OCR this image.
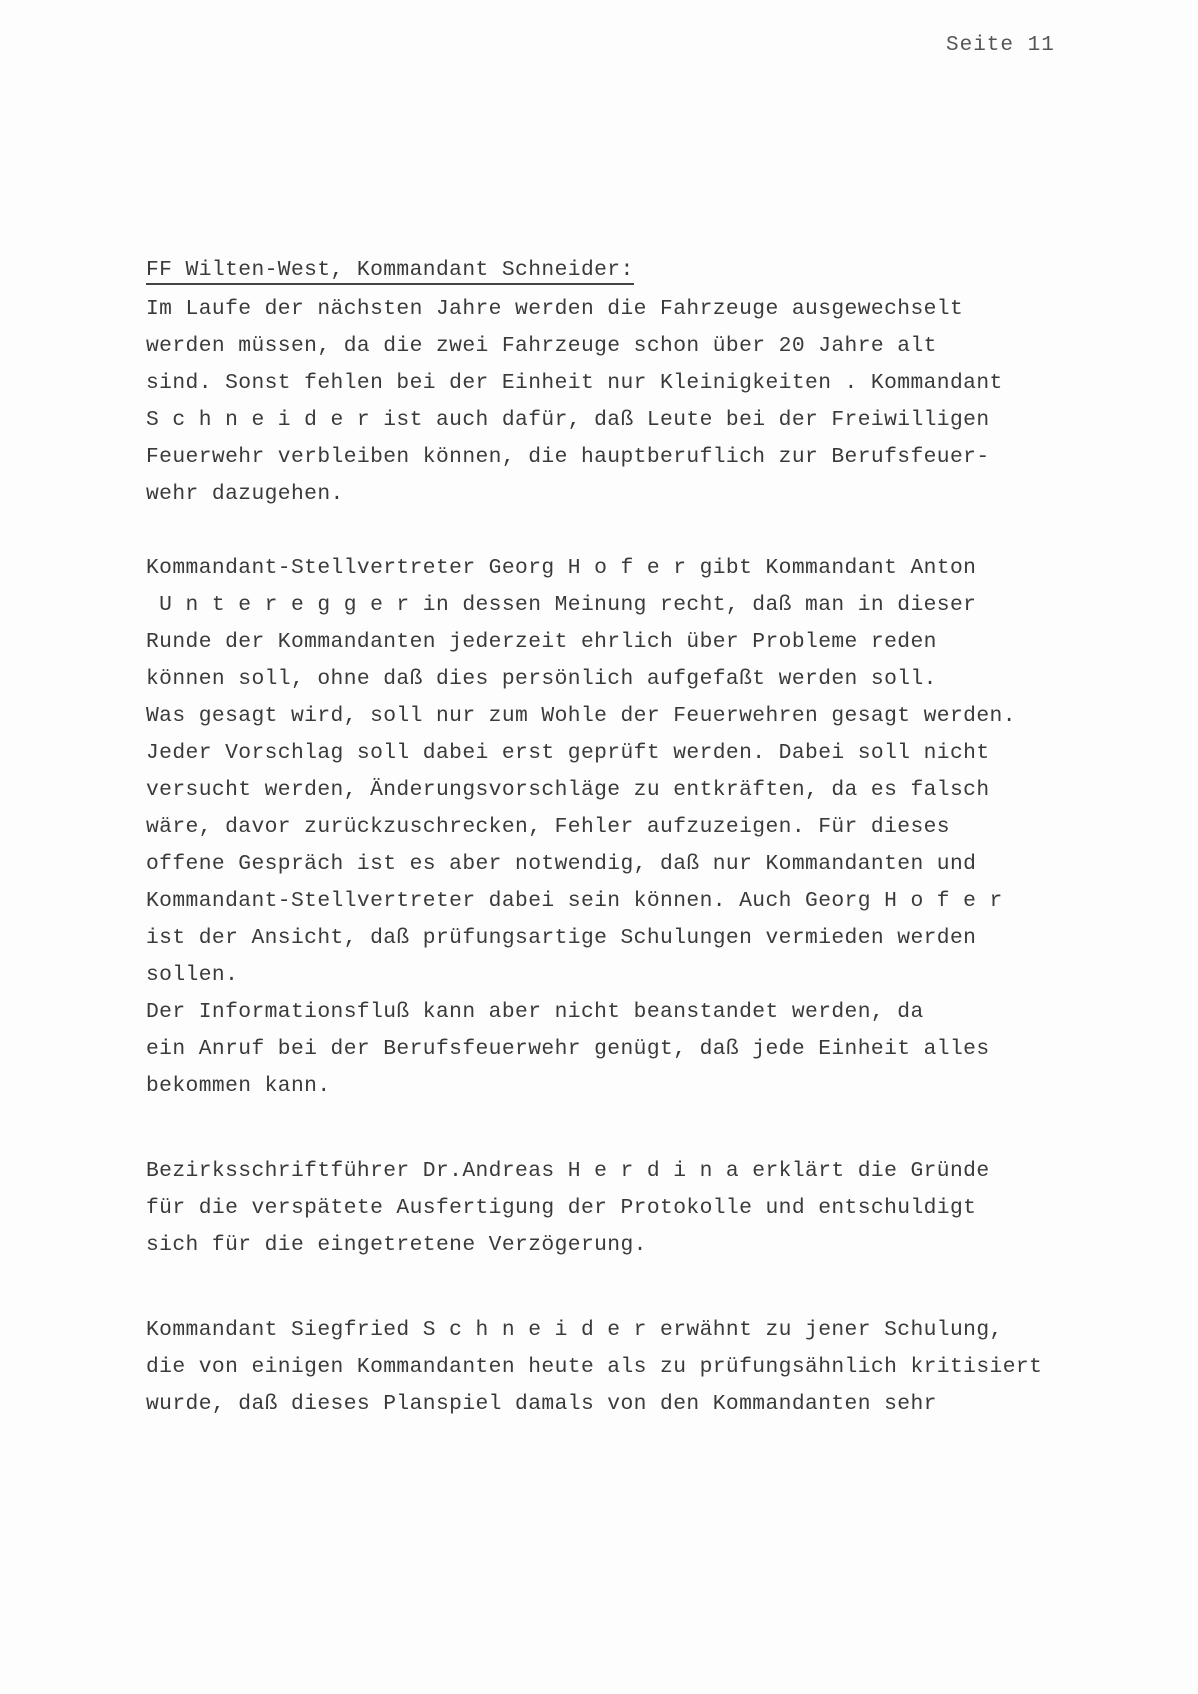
Seite 11
FF Wilten-West, Kommandant Schneider:
Im Laufe der nächsten Jahre werden die Fahrzeuge ausgewechselt
werden müssen, da die zwei Fahrzeuge schon über 20 Jahre alt
sind. Sonst fehlen bei der Einheit nur Kleinigkeiten . Kommandant
S c h n e i d e r ist auch dafür, daß Leute bei der Freiwilligen
Feuerwehr verbleiben können, die hauptberuflich zur Berufsfeuer-
wehr dazugehen.
Kommandant-Stellvertreter Georg H o f e r gibt Kommandant Anton
U n t e r e g g e r in dessen Meinung recht, daß man in dieser
Runde der Kommandanten jederzeit ehrlich über Probleme reden
können soll, ohne daß dies persönlich aufgefaßt werden soll.
Was gesagt wird, soll nur zum Wohle der Feuerwehren gesagt werden.
Jeder Vorschlag soll dabei erst geprüft werden. Dabei soll nicht
versucht werden, Änderungsvorschläge zu entkräften, da es falsch
wäre, davor zurückzuschrecken, Fehler aufzuzeigen. Für dieses
offene Gespräch ist es aber notwendig, daß nur Kommandanten und
Kommandant-Stellvertreter dabei sein können. Auch Georg H o f e r
ist der Ansicht, daß prüfungsartige Schulungen vermieden werden
sollen.
Der Informationsfluß kann aber nicht beanstandet werden, da
ein Anruf bei der Berufsfeuerwehr genügt, daß jede Einheit alles
bekommen kann.
Bezirksschriftführer Dr.Andreas H e r d i n a erklärt die Gründe
für die verspätete Ausfertigung der Protokolle und entschuldigt
sich für die eingetretene Verzögerung.
Kommandant Siegfried S c h n e i d e r erwähnt zu jener Schulung,
die von einigen Kommandanten heute als zu prüfungsähnlich kritisiert
wurde, daß dieses Planspiel damals von den Kommandanten sehr
